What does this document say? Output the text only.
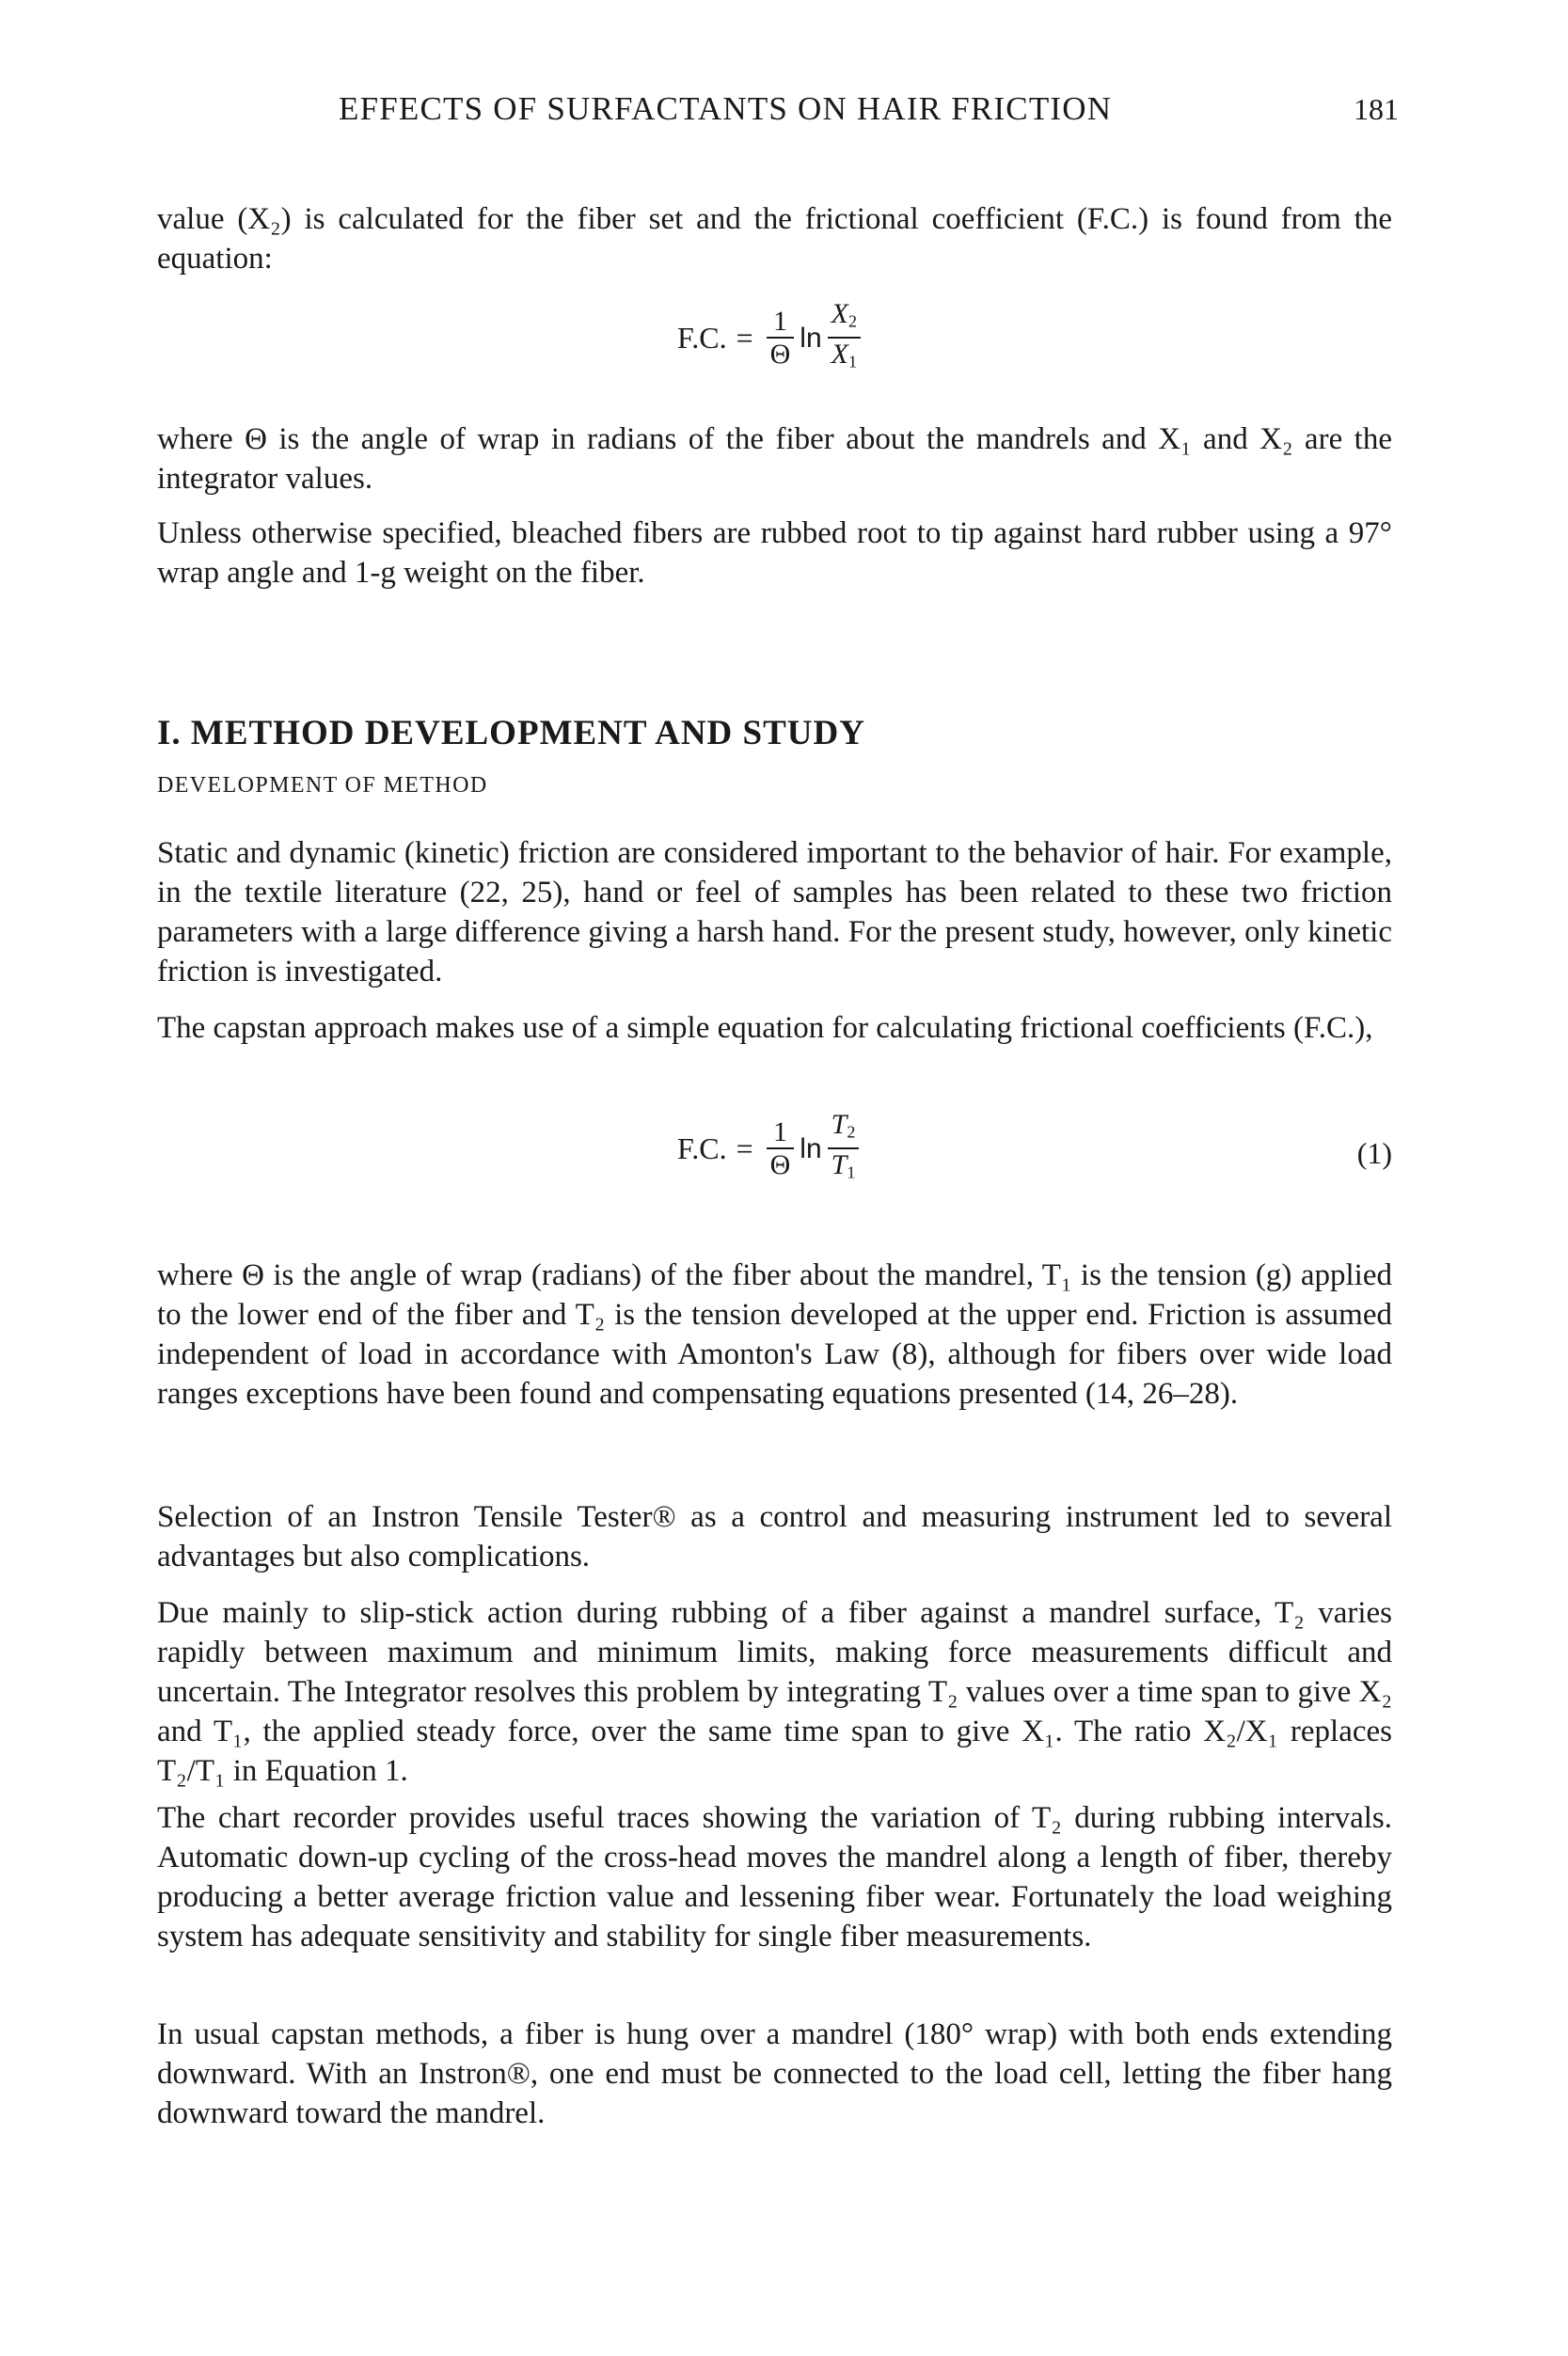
EFFECTS OF SURFACTANTS ON HAIR FRICTION	181

value (X₂) is calculated for the fiber set and the frictional coefficient (F.C.) is found from the equation:

F.C. = $\frac{1}{\Theta}$ $\ln \frac{X_2}{X_1}$

where Θ is the angle of wrap in radians of the fiber about the mandrels and X₁ and X₂ are the integrator values.

Unless otherwise specified, bleached fibers are rubbed root to tip against hard rubber using a 97° wrap angle and 1-g weight on the fiber.

I. METHOD DEVELOPMENT AND STUDY
DEVELOPMENT OF METHOD

Static and dynamic (kinetic) friction are considered important to the behavior of hair. For example, in the textile literature (22, 25), hand or feel of samples has been related to these two friction parameters with a large difference giving a harsh hand. For the present study, however, only kinetic friction is investigated.

The capstan approach makes use of a simple equation for calculating frictional coefficients (F.C.),

F.C. = $\frac{1}{\Theta}$ $\ln \frac{T_2}{T_1}$	(1)

where Θ is the angle of wrap (radians) of the fiber about the mandrel, T₁ is the tension (g) applied to the lower end of the fiber and T₂ is the tension developed at the upper end. Friction is assumed independent of load in accordance with Amonton's Law (8), although for fibers over wide load ranges exceptions have been found and compensating equations presented (14, 26–28).

Selection of an Instron Tensile Tester® as a control and measuring instrument led to several advantages but also complications.

Due mainly to slip-stick action during rubbing of a fiber against a mandrel surface, T₂ varies rapidly between maximum and minimum limits, making force measurements difficult and uncertain. The Integrator resolves this problem by integrating T₂ values over a time span to give X₂ and T₁, the applied steady force, over the same time span to give X₁. The ratio X₂/X₁ replaces T₂/T₁ in Equation 1.

The chart recorder provides useful traces showing the variation of T₂ during rubbing intervals. Automatic down-up cycling of the cross-head moves the mandrel along a length of fiber, thereby producing a better average friction value and lessening fiber wear. Fortunately the load weighing system has adequate sensitivity and stability for single fiber measurements.

In usual capstan methods, a fiber is hung over a mandrel (180° wrap) with both ends extending downward. With an Instron®, one end must be connected to the load cell, letting the fiber hang downward toward the mandrel.
